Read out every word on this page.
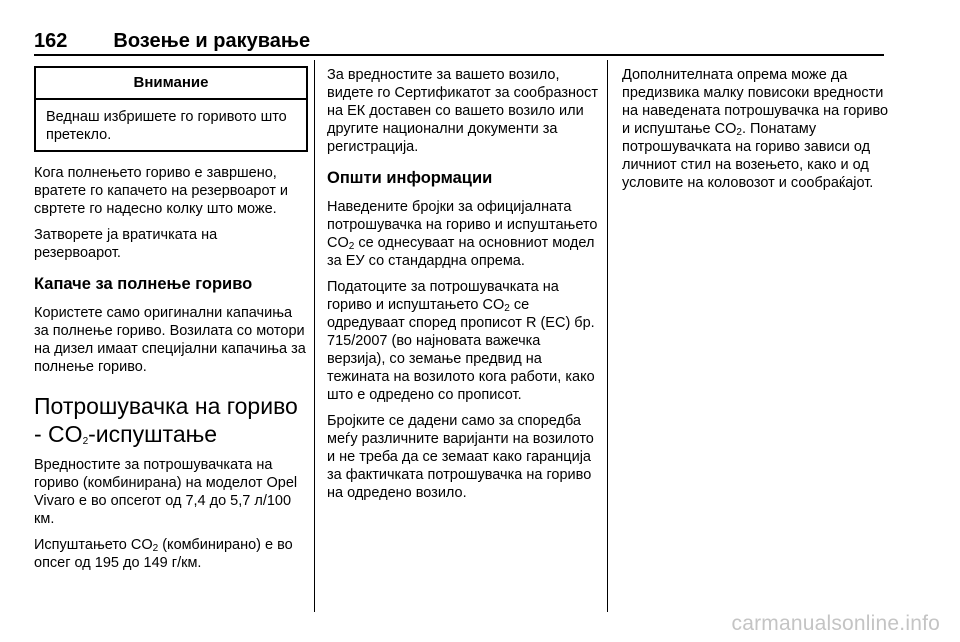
162 Возење и ракување
Внимание
Веднаш избришете го горивото што претекло.

Кога полнењето гориво е завршено, вратете го капачето на резервоарот и свртете го надесно колку што може.

Затворете ја вратичката на резервоарот.

Капаче за полнење гориво

Користете само оригинални капачиња за полнење гориво. Возилата со мотори на дизел имаат специјални капачиња за полнење гориво.

Потрошувачка на гориво - $CO_2$-испуштање

Вредностите за потрошувачката на гориво (комбинирана) на моделот Opel Vivaro е во опсегот од 7,4 до 5,7 л/100 км.

Испуштањето $CO_2$ (комбинирано) е во опсег од 195 до 149 г/км.

За вредностите за вашето возило, видете го Сертификатот за сообразност на ЕК доставен со вашето возило или другите национални документи за регистрација.

Општи информации

Наведените бројки за официјалната потрошувачка на гориво и испуштањето $CO_2$ се однесуваат на основниот модел за ЕУ со стандардна опрема.

Податоците за потрошувачката на гориво и испуштањето $CO_2$ се одредуваат според прописот R (EC) бр. 715/2007 (во најновата важечка верзија), со земање предвид на тежината на возилото кога работи, како што е одредено со прописот.

Бројките се дадени само за споредба меѓу различните варијанти на возилото и не треба да се земаат како гаранција за фактичката потрошувачка на гориво на одредено возило.

Дополнителната опрема може да предизвика малку повисоки вредности на наведената потрошувачка на гориво и испуштање $CO_2$. Понатаму потрошувачката на гориво зависи од личниот стил на возењето, како и од условите на коловозот и сообраќајот.

carmanualsonline.info
